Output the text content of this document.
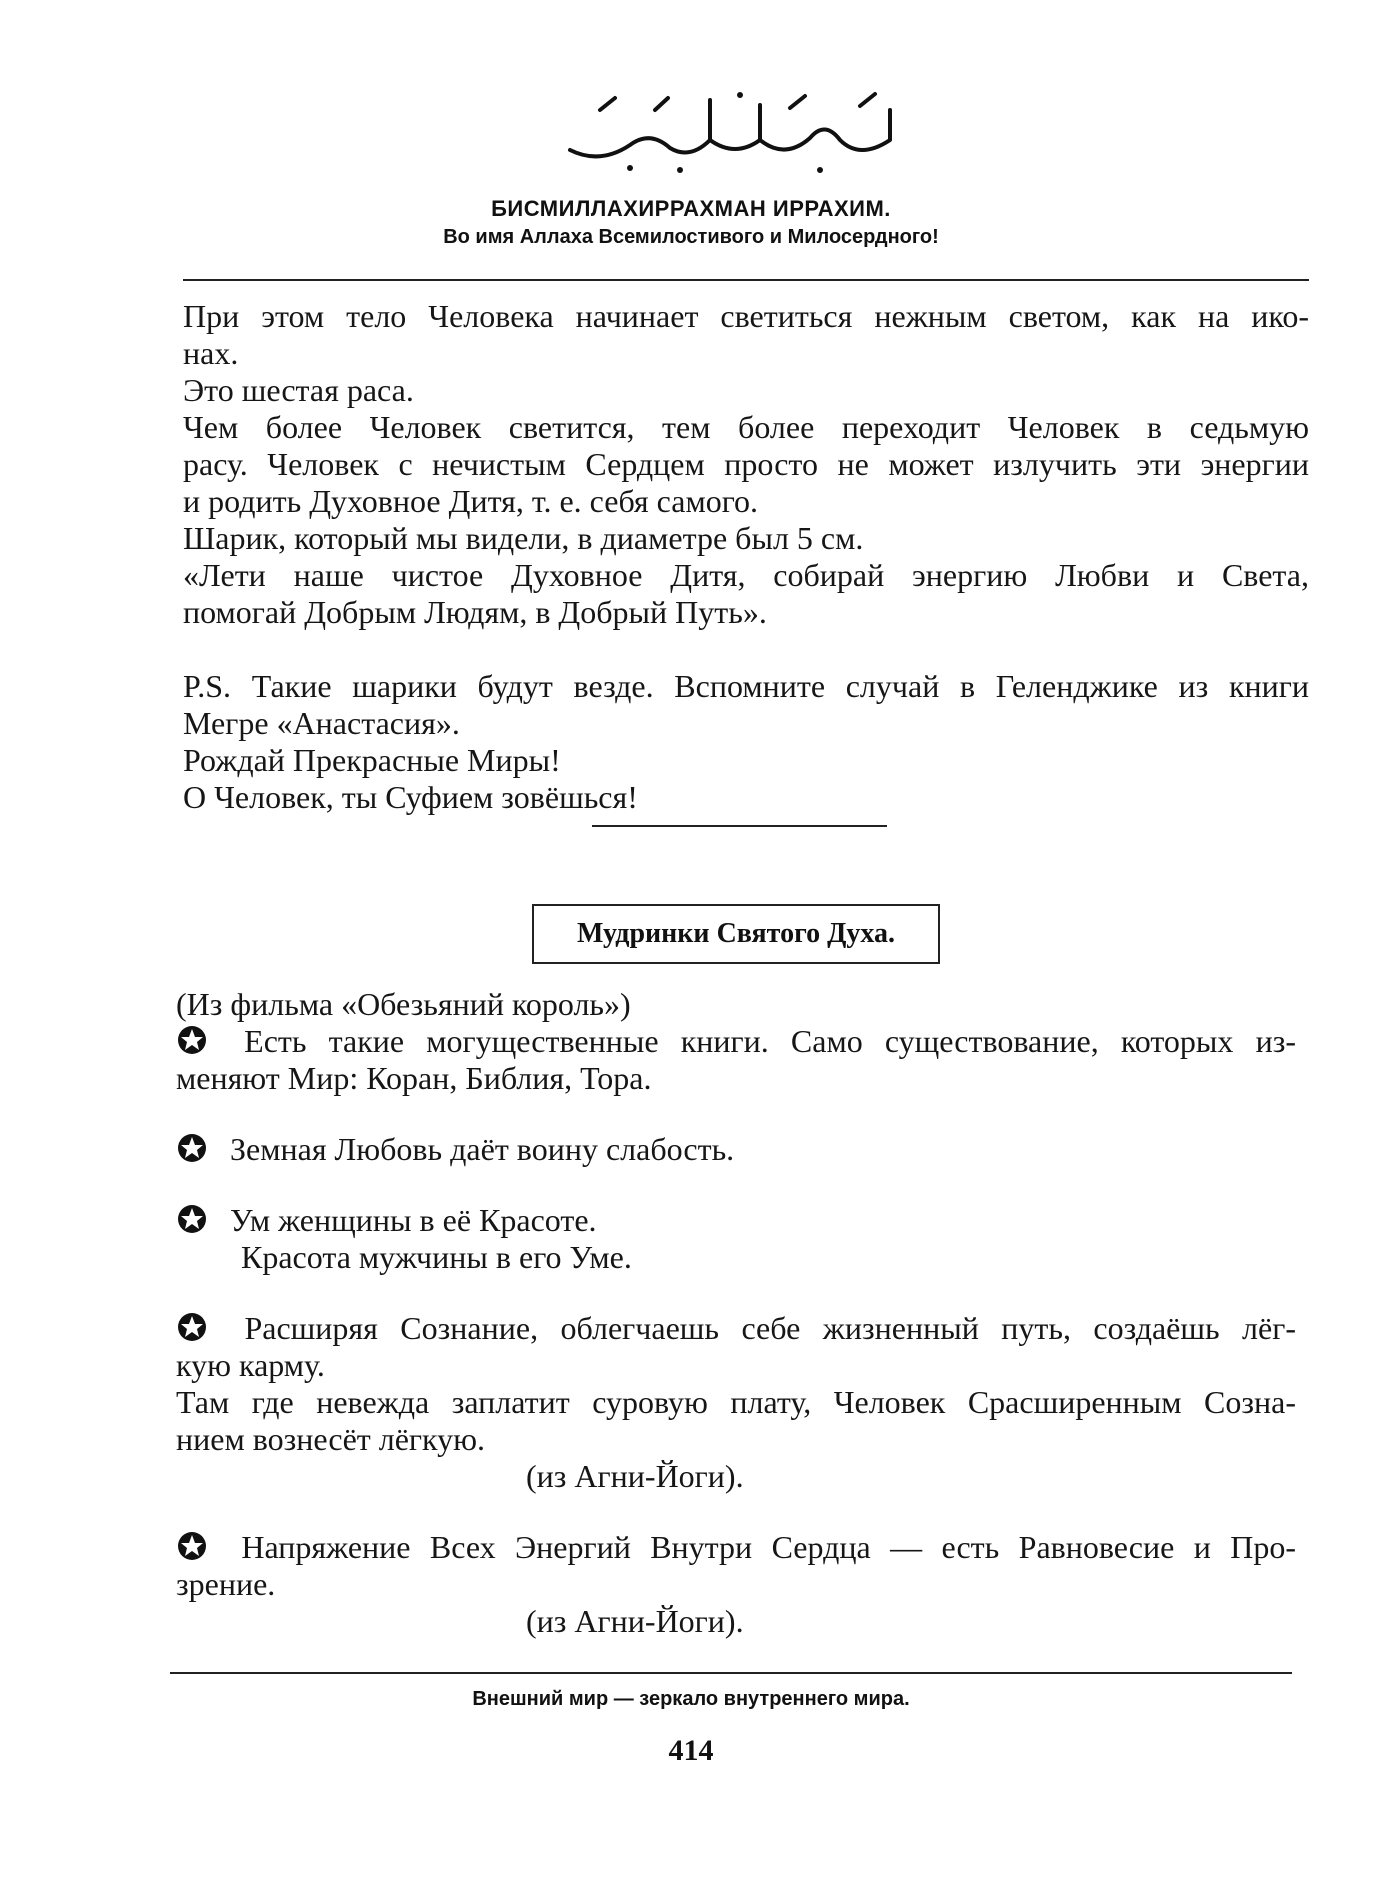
БИСМИЛЛАХИРРАХМАН ИРРАХИМ.
Во имя Аллаха Всемилостивого и Милосердного!
При этом тело Человека начинает светиться нежным светом, как на ико-
нах.
Это шестая раса.
Чем более Человек светится, тем более переходит Человек в седьмую
расу. Человек с нечистым Сердцем просто не может излучить эти энергии
и родить Духовное Дитя, т. е. себя самого.
Шарик, который мы видели, в диаметре был 5 см.
«Лети наше чистое Духовное Дитя, собирай энергию Любви и Света,
помогай Добрым Людям, в Добрый Путь».
P.S. Такие шарики будут везде. Вспомните случай в Геленджике из книги
Мегре «Анастасия».
Рождай Прекрасные Миры!
О Человек, ты Суфием зовёшься!
Мудринки Святого Духа.
(Из фильма «Обезьяний король»)
Есть такие могущественные книги. Само существование, которых из-
меняют Мир: Коран, Библия, Тора.
Земная Любовь даёт воину слабость.
Ум женщины в её Красоте.
Красота мужчины в его Уме.
Расширяя Сознание, облегчаешь себе жизненный путь, создаёшь лёг-
кую карму.
Там где невежда заплатит суровую плату, Человек Срасширенным Созна-
нием вознесёт лёгкую.
(из Агни-Йоги).
Напряжение Всех Энергий Внутри Сердца — есть Равновесие и Про-
зрение.
(из Агни-Йоги).
Внешний мир — зеркало внутреннего мира.
414
